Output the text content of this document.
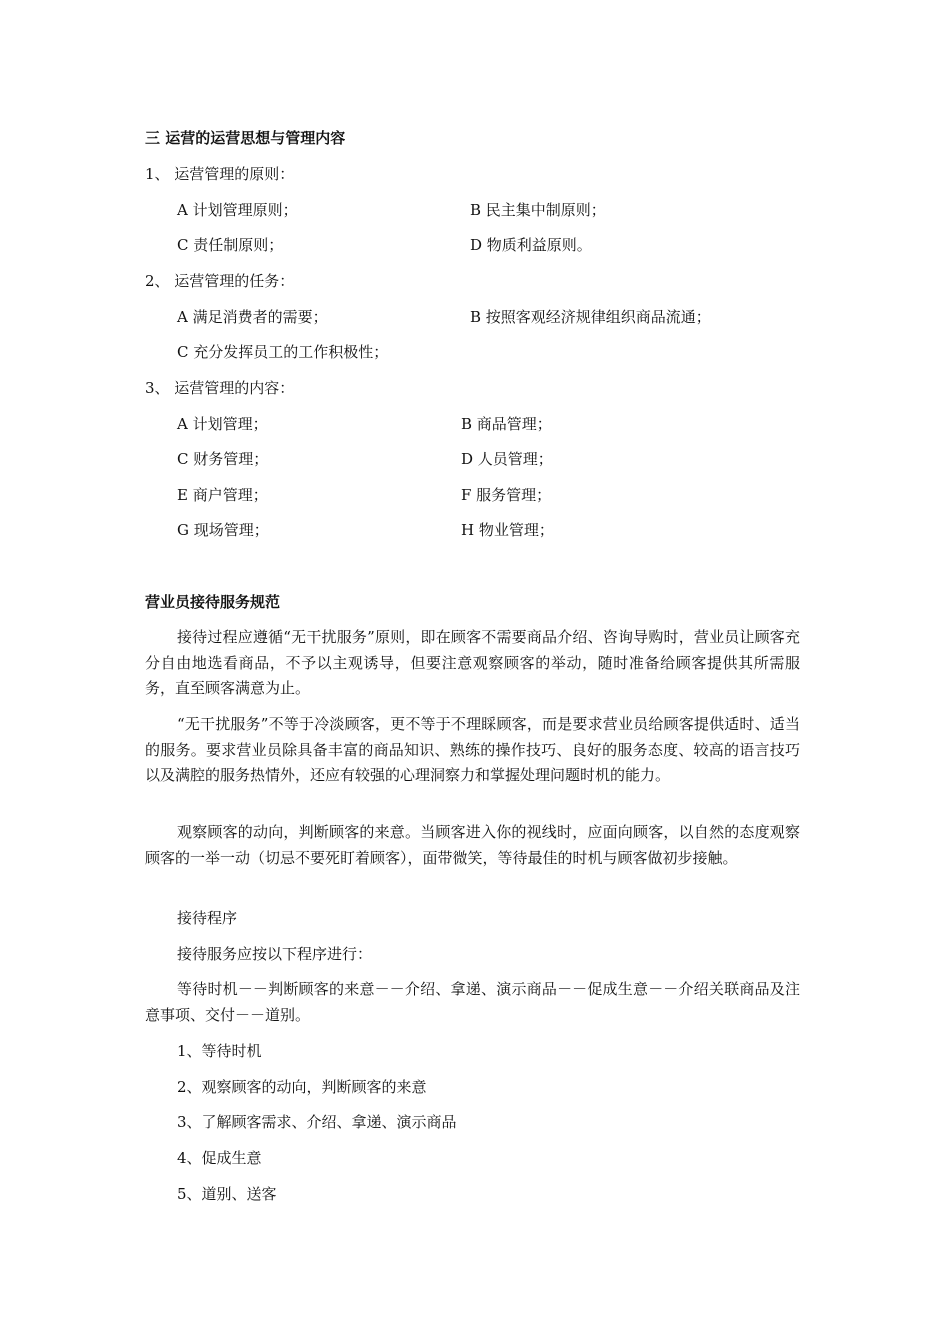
三 运营的运营思想与管理内容
1、 运营管理的原则：
A 计划管理原则；	B 民主集中制原则；
C 责任制原则；	D 物质利益原则。
2、 运营管理的任务：
A 满足消费者的需要；	B 按照客观经济规律组织商品流通；
C 充分发挥员工的工作积极性；
3、 运营管理的内容：
A 计划管理；	B 商品管理；
C 财务管理；	D 人员管理；
E 商户管理；	F 服务管理；
G 现场管理；	H 物业管理；
营业员接待服务规范
接待过程应遵循“无干扰服务”原则，即在顾客不需要商品介绍、咨询导购时，营业员让顾客充分自由地选看商品，不予以主观诱导，但要注意观察顾客的举动，随时准备给顾客提供其所需服务，直至顾客满意为止。
“无干扰服务”不等于冷淡顾客，更不等于不理睬顾客，而是要求营业员给顾客提供适时、适当的服务。要求营业员除具备丰富的商品知识、熟练的操作技巧、良好的服务态度、较高的语言技巧以及满腔的服务热情外，还应有较强的心理洞察力和掌握处理问题时机的能力。
观察顾客的动向，判断顾客的来意。当顾客进入你的视线时，应面向顾客，以自然的态度观察顾客的一举一动（切忌不要死盯着顾客），面带微笑，等待最佳的时机与顾客做初步接触。
接待程序
接待服务应按以下程序进行：
等待时机－－判断顾客的来意－－介绍、拿递、演示商品－－促成生意－－介绍关联商品及注意事项、交付－－道别。
1、等待时机
2、观察顾客的动向，判断顾客的来意
3、了解顾客需求、介绍、拿递、演示商品
4、促成生意
5、道别、送客
